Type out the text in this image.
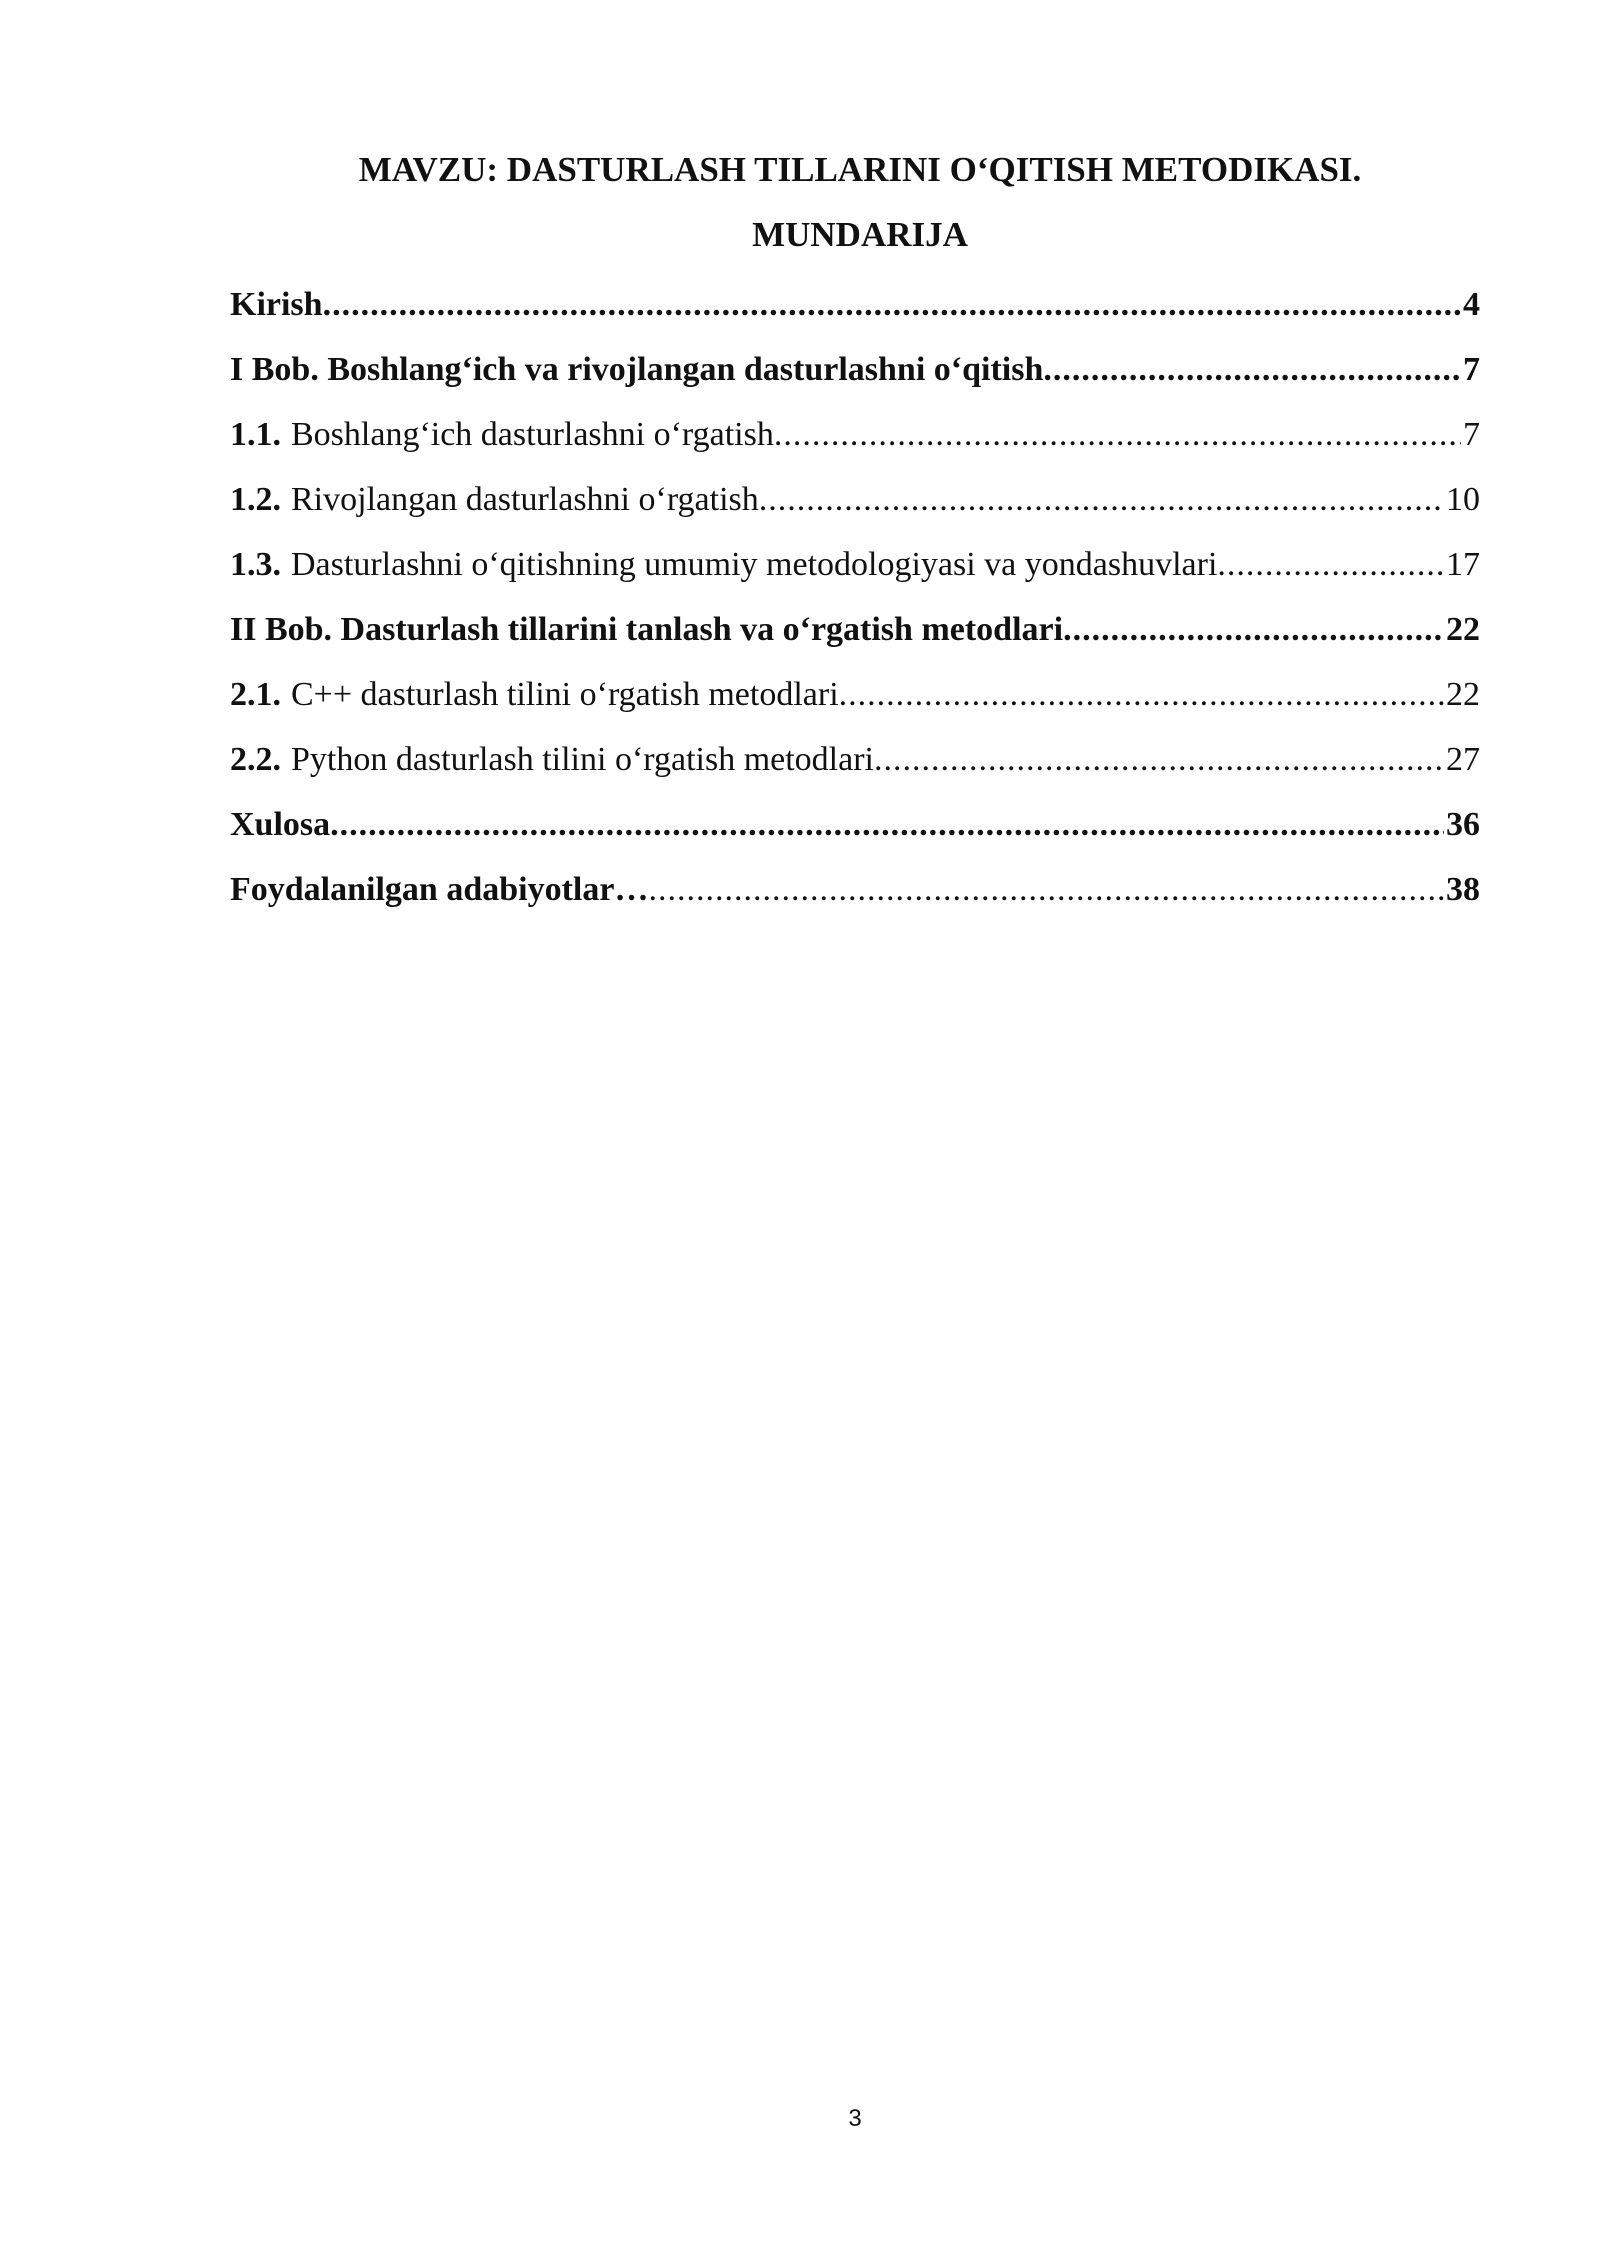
MAVZU: DASTURLASH TILLARINI O‘QITISH METODIKASI.
MUNDARIJA
Kirish .....	4
I Bob. Boshlang‘ich va rivojlangan dasturlashni o‘qitish .....	7
1.1. Boshlang‘ich dasturlashni o‘rgatish .....	7
1.2. Rivojlangan dasturlashni o‘rgatish .....	10
1.3. Dasturlashni o‘qitishning umumiy metodologiyasi va yondashuvlari .....	17
II Bob. Dasturlash tillarini tanlash va o‘rgatish metodlari .....	22
2.1. C++ dasturlash tilini o‘rgatish metodlari .....	22
2.2. Python dasturlash tilini o‘rgatish metodlari .....	27
Xulosa .....	36
Foydalanilgan adabiyotlar… .....	38
3
